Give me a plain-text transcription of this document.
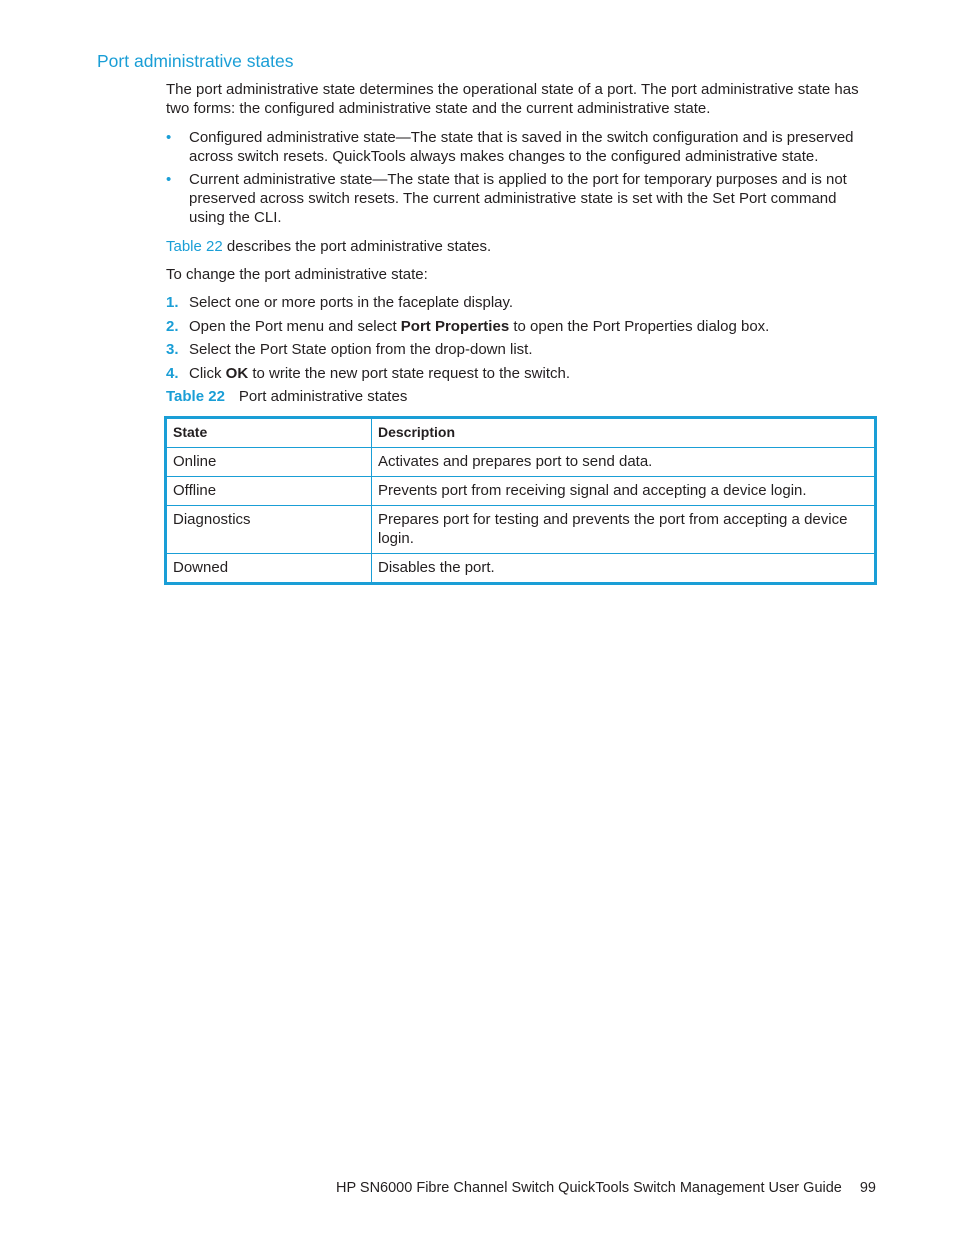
Port administrative states

The port administrative state determines the operational state of a port. The port administrative state has two forms: the configured administrative state and the current administrative state.

• Configured administrative state—The state that is saved in the switch configuration and is preserved across switch resets. QuickTools always makes changes to the configured administrative state.
• Current administrative state—The state that is applied to the port for temporary purposes and is not preserved across switch resets. The current administrative state is set with the Set Port command using the CLI.

Table 22 describes the port administrative states.

To change the port administrative state:

1. Select one or more ports in the faceplate display.
2. Open the Port menu and select Port Properties to open the Port Properties dialog box.
3. Select the Port State option from the drop-down list.
4. Click OK to write the new port state request to the switch.

Table 22 Port administrative states

State	Description
Online	Activates and prepares port to send data.
Offline	Prevents port from receiving signal and accepting a device login.
Diagnostics	Prepares port for testing and prevents the port from accepting a device login.
Downed	Disables the port.
HP SN6000 Fibre Channel Switch QuickTools Switch Management User Guide 99
